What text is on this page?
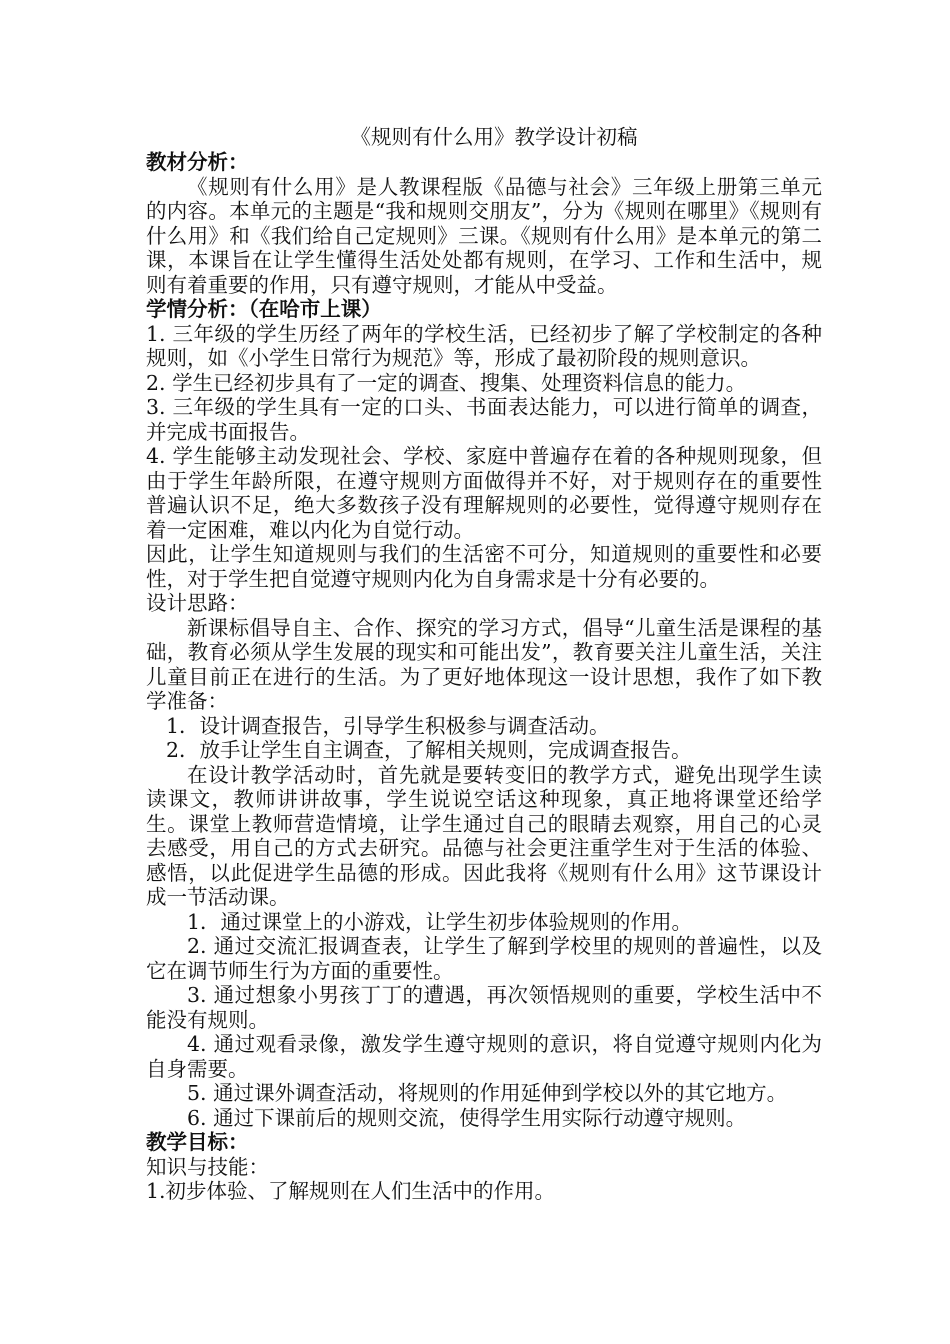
《规则有什么用》教学设计初稿

教材分析：

《规则有什么用》是人教课程版《品德与社会》三年级上册第三单元的内容。本单元的主题是“我和规则交朋友”，分为《规则在哪里》《规则有什么用》和《我们给自己定规则》三课。《规则有什么用》是本单元的第二课，本课旨在让学生懂得生活处处都有规则，在学习、工作和生活中，规则有着重要的作用，只有遵守规则，才能从中受益。

学情分析：（在哈市上课）

1. 三年级的学生历经了两年的学校生活，已经初步了解了学校制定的各种规则，如《小学生日常行为规范》等，形成了最初阶段的规则意识。

2. 学生已经初步具有了一定的调查、搜集、处理资料信息的能力。

3. 三年级的学生具有一定的口头、书面表达能力，可以进行简单的调查，并完成书面报告。

4. 学生能够主动发现社会、学校、家庭中普遍存在着的各种规则现象，但由于学生年龄所限，在遵守规则方面做得并不好，对于规则存在的重要性普遍认识不足，绝大多数孩子没有理解规则的必要性，觉得遵守规则存在着一定困难，难以内化为自觉行动。

因此，让学生知道规则与我们的生活密不可分，知道规则的重要性和必要性，对于学生把自觉遵守规则内化为自身需求是十分有必要的。

设计思路：

新课标倡导自主、合作、探究的学习方式，倡导“儿童生活是课程的基础，教育必须从学生发展的现实和可能出发”，教育要关注儿童生活，关注儿童目前正在进行的生活。为了更好地体现这一设计思想，我作了如下教学准备：

1．设计调查报告，引导学生积极参与调查活动。

2．放手让学生自主调查，了解相关规则，完成调查报告。

在设计教学活动时，首先就是要转变旧的教学方式，避免出现学生读读课文，教师讲讲故事，学生说说空话这种现象，真正地将课堂还给学生。课堂上教师营造情境，让学生通过自己的眼睛去观察，用自己的心灵去感受，用自己的方式去研究。品德与社会更注重学生对于生活的体验、感悟，以此促进学生品德的形成。因此我将《规则有什么用》这节课设计成一节活动课。

1．通过课堂上的小游戏，让学生初步体验规则的作用。

2. 通过交流汇报调查表，让学生了解到学校里的规则的普遍性，以及它在调节师生行为方面的重要性。

3. 通过想象小男孩丁丁的遭遇，再次领悟规则的重要，学校生活中不能没有规则。

4. 通过观看录像，激发学生遵守规则的意识，将自觉遵守规则内化为自身需要。

5. 通过课外调查活动，将规则的作用延伸到学校以外的其它地方。

6. 通过下课前后的规则交流，使得学生用实际行动遵守规则。

教学目标：

知识与技能：

1.初步体验、了解规则在人们生活中的作用。
